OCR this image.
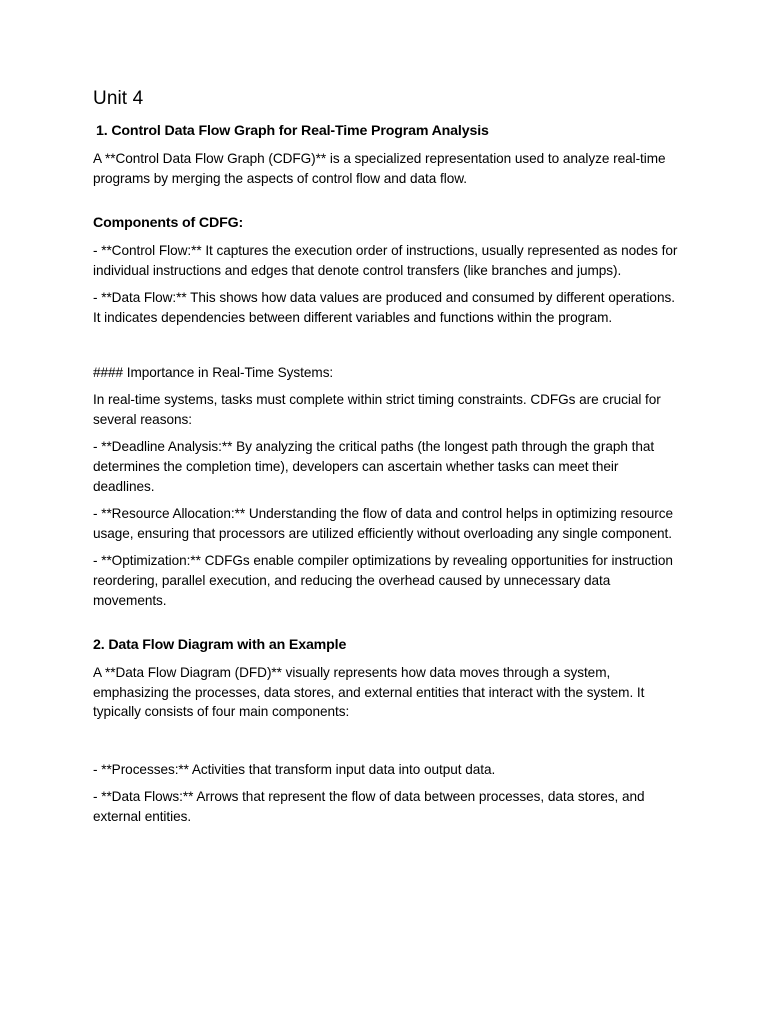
Unit 4
1. Control Data Flow Graph for Real-Time Program Analysis

A **Control Data Flow Graph (CDFG)** is a specialized representation used to analyze real-time programs by merging the aspects of control flow and data flow.

Components of CDFG:

- **Control Flow:** It captures the execution order of instructions, usually represented as nodes for individual instructions and edges that denote control transfers (like branches and jumps).

- **Data Flow:** This shows how data values are produced and consumed by different operations. It indicates dependencies between different variables and functions within the program.

#### Importance in Real-Time Systems:

In real-time systems, tasks must complete within strict timing constraints. CDFGs are crucial for several reasons:

- **Deadline Analysis:** By analyzing the critical paths (the longest path through the graph that determines the completion time), developers can ascertain whether tasks can meet their deadlines.

- **Resource Allocation:** Understanding the flow of data and control helps in optimizing resource usage, ensuring that processors are utilized efficiently without overloading any single component.

- **Optimization:** CDFGs enable compiler optimizations by revealing opportunities for instruction reordering, parallel execution, and reducing the overhead caused by unnecessary data movements.

2. Data Flow Diagram with an Example

A **Data Flow Diagram (DFD)** visually represents how data moves through a system, emphasizing the processes, data stores, and external entities that interact with the system. It typically consists of four main components:

- **Processes:** Activities that transform input data into output data.

- **Data Flows:** Arrows that represent the flow of data between processes, data stores, and external entities.
